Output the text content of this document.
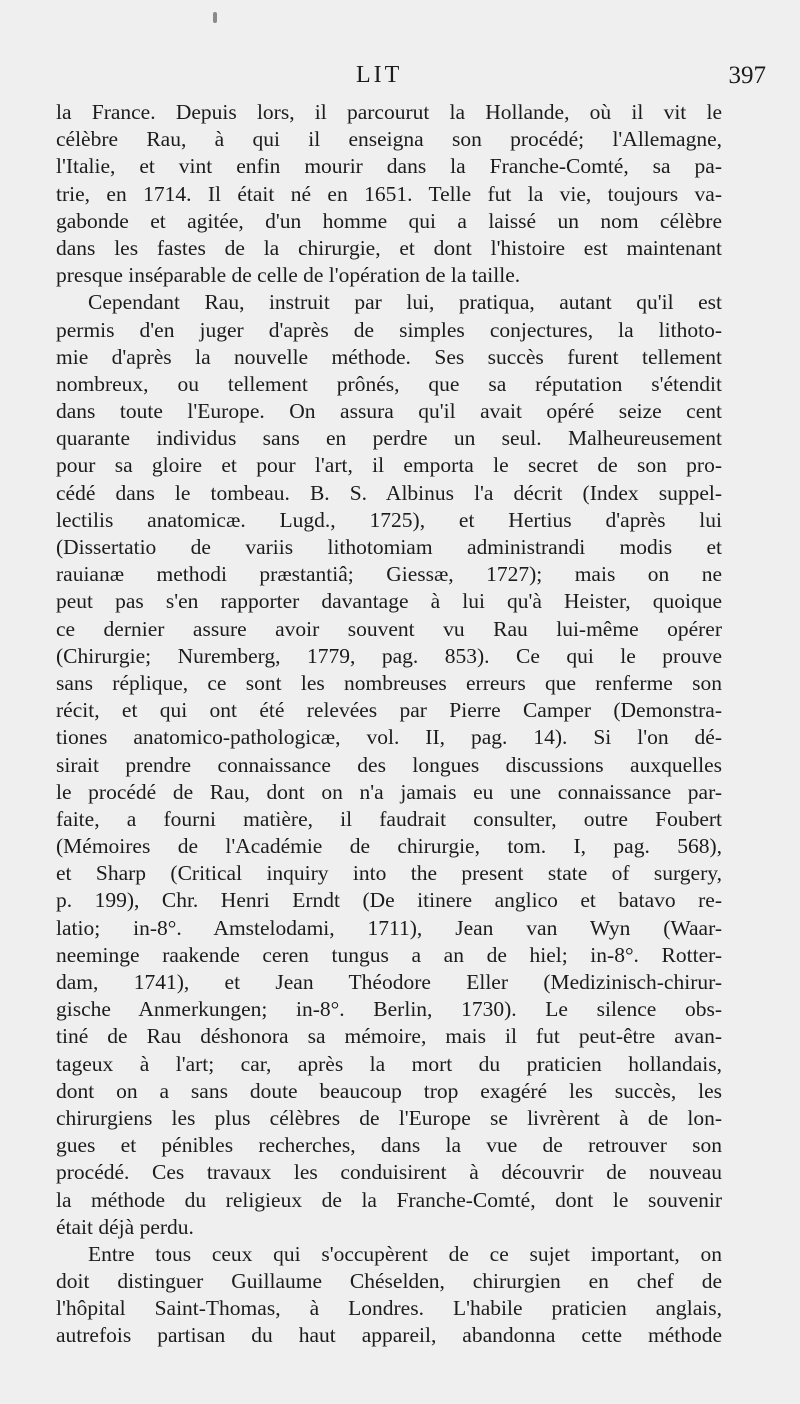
LIT	397
la France. Depuis lors, il parcourut la Hollande, où il vit le
célèbre Rau, à qui il enseigna son procédé; l'Allemagne,
l'Italie, et vint enfin mourir dans la Franche-Comté, sa pa-
trie, en 1714. Il était né en 1651. Telle fut la vie, toujours va-
gabonde et agitée, d'un homme qui a laissé un nom célèbre
dans les fastes de la chirurgie, et dont l'histoire est maintenant
presque inséparable de celle de l'opération de la taille.
Cependant Rau, instruit par lui, pratiqua, autant qu'il est
permis d'en juger d'après de simples conjectures, la lithoto-
mie d'après la nouvelle méthode. Ses succès furent tellement
nombreux, ou tellement prônés, que sa réputation s'étendit
dans toute l'Europe. On assura qu'il avait opéré seize cent
quarante individus sans en perdre un seul. Malheureusement
pour sa gloire et pour l'art, il emporta le secret de son pro-
cédé dans le tombeau. B. S. Albinus l'a décrit (Index suppel-
lectilis anatomicæ. Lugd., 1725), et Hertius d'après lui
(Dissertatio de variis lithotomiam administrandi modis et
rauianæ methodi præstantiâ; Giessæ, 1727); mais on ne
peut pas s'en rapporter davantage à lui qu'à Heister, quoique
ce dernier assure avoir souvent vu Rau lui-même opérer
(Chirurgie; Nuremberg, 1779, pag. 853). Ce qui le prouve
sans réplique, ce sont les nombreuses erreurs que renferme son
récit, et qui ont été relevées par Pierre Camper (Demonstra-
tiones anatomico-pathologicæ, vol. II, pag. 14). Si l'on dé-
sirait prendre connaissance des longues discussions auxquelles
le procédé de Rau, dont on n'a jamais eu une connaissance par-
faite, a fourni matière, il faudrait consulter, outre Foubert
(Mémoires de l'Académie de chirurgie, tom. I, pag. 568),
et Sharp (Critical inquiry into the present state of surgery,
p. 199), Chr. Henri Erndt (De itinere anglico et batavo re-
latio; in-8°. Amstelodami, 1711), Jean van Wyn (Waar-
neeminge raakende ceren tungus a an de hiel; in-8°. Rotter-
dam, 1741), et Jean Théodore Eller (Medizinisch-chirur-
gische Anmerkungen; in-8°. Berlin, 1730). Le silence obs-
tiné de Rau déshonora sa mémoire, mais il fut peut-être avan-
tageux à l'art; car, après la mort du praticien hollandais,
dont on a sans doute beaucoup trop exagéré les succès, les
chirurgiens les plus célèbres de l'Europe se livrèrent à de lon-
gues et pénibles recherches, dans la vue de retrouver son
procédé. Ces travaux les conduisirent à découvrir de nouveau
la méthode du religieux de la Franche-Comté, dont le souvenir
était déjà perdu.
Entre tous ceux qui s'occupèrent de ce sujet important, on
doit distinguer Guillaume Chéselden, chirurgien en chef de
l'hôpital Saint-Thomas, à Londres. L'habile praticien anglais,
autrefois partisan du haut appareil, abandonna cette méthode
